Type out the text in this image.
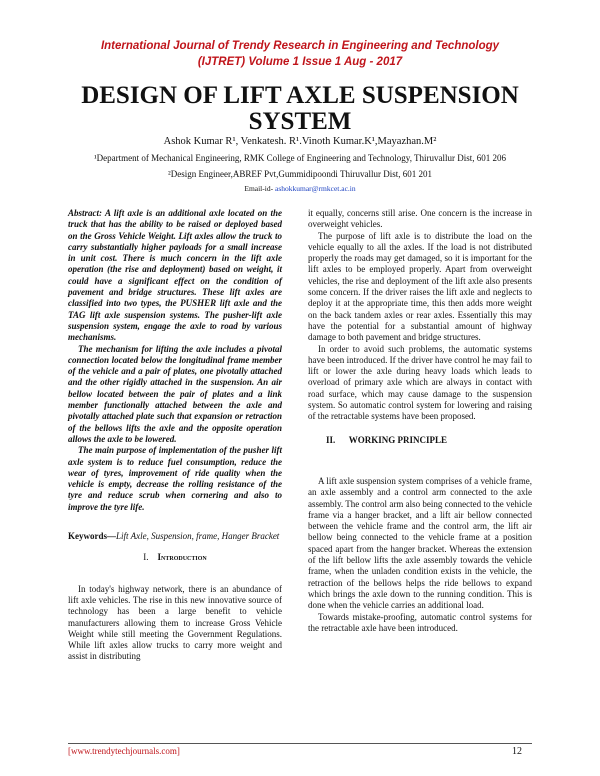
International Journal of Trendy Research in Engineering and Technology
(IJTRET) Volume 1 Issue 1 Aug - 2017
DESIGN OF LIFT AXLE SUSPENSION
SYSTEM
Ashok Kumar R¹, Venkatesh. R¹.Vinoth Kumar.K¹,Mayazhan.M²
¹Department of Mechanical Engineering, RMK College of Engineering and Technology, Thiruvallur Dist, 601 206
²Design Engineer,ABREF Pvt,Gummidipoondi Thiruvallur Dist, 601 201
Email-id- ashokkumar@rmkcet.ac.in

Abstract: A lift axle is an additional axle located on the truck that has the ability to be raised or deployed based on the Gross Vehicle Weight. Lift axles allow the truck to carry substantially higher payloads for a small increase in unit cost. There is much concern in the lift axle operation (the rise and deployment) based on weight, it could have a significant effect on the condition of pavement and bridge structures. These lift axles are classified into two types, the PUSHER lift axle and the TAG lift axle suspension systems. The pusher-lift axle suspension system, engage the axle to road by various mechanisms.

The mechanism for lifting the axle includes a pivotal connection located below the longitudinal frame member of the vehicle and a pair of plates, one pivotally attached and the other rigidly attached in the suspension. An air bellow located between the pair of plates and a link member functionally attached between the axle and pivotally attached plate such that expansion or retraction of the bellows lifts the axle and the opposite operation allows the axle to be lowered.

The main purpose of implementation of the pusher lift axle system is to reduce fuel consumption, reduce the wear of tyres, improvement of ride quality when the vehicle is empty, decrease the rolling resistance of the tyre and reduce scrub when cornering and also to improve the tyre life.

Keywords—Lift Axle, Suspension, frame, Hanger Bracket

I. Introduction

In today's highway network, there is an abundance of lift axle vehicles. The rise in this new innovative source of technology has been a large benefit to vehicle manufacturers allowing them to increase Gross Vehicle Weight while still meeting the Government Regulations. While lift axles allow trucks to carry more weight and assist in distributing

it equally, concerns still arise. One concern is the increase in overweight vehicles.

The purpose of lift axle is to distribute the load on the vehicle equally to all the axles. If the load is not distributed properly the roads may get damaged, so it is important for the lift axles to be employed properly. Apart from overweight vehicles, the rise and deployment of the lift axle also presents some concern. If the driver raises the lift axle and neglects to deploy it at the appropriate time, this then adds more weight on the back tandem axles or rear axles. Essentially this may have the potential for a substantial amount of highway damage to both pavement and bridge structures.

In order to avoid such problems, the automatic systems have been introduced. If the driver have control he may fail to lift or lower the axle during heavy loads which leads to overload of primary axle which are always in contact with road surface, which may cause damage to the suspension system. So automatic control system for lowering and raising of the retractable systems have been proposed.

II. WORKING PRINCIPLE

A lift axle suspension system comprises of a vehicle frame, an axle assembly and a control arm connected to the axle assembly. The control arm also being connected to the vehicle frame via a hanger bracket, and a lift air bellow connected between the vehicle frame and the control arm, the lift air bellow being connected to the vehicle frame at a position spaced apart from the hanger bracket. Whereas the extension of the lift bellow lifts the axle assembly towards the vehicle frame, when the unladen condition exists in the vehicle, the retraction of the bellows helps the ride bellows to expand which brings the axle down to the running condition. This is done when the vehicle carries an additional load.

Towards mistake-proofing, automatic control systems for the retractable axle have been introduced.

[www.trendytechjournals.com]	12
